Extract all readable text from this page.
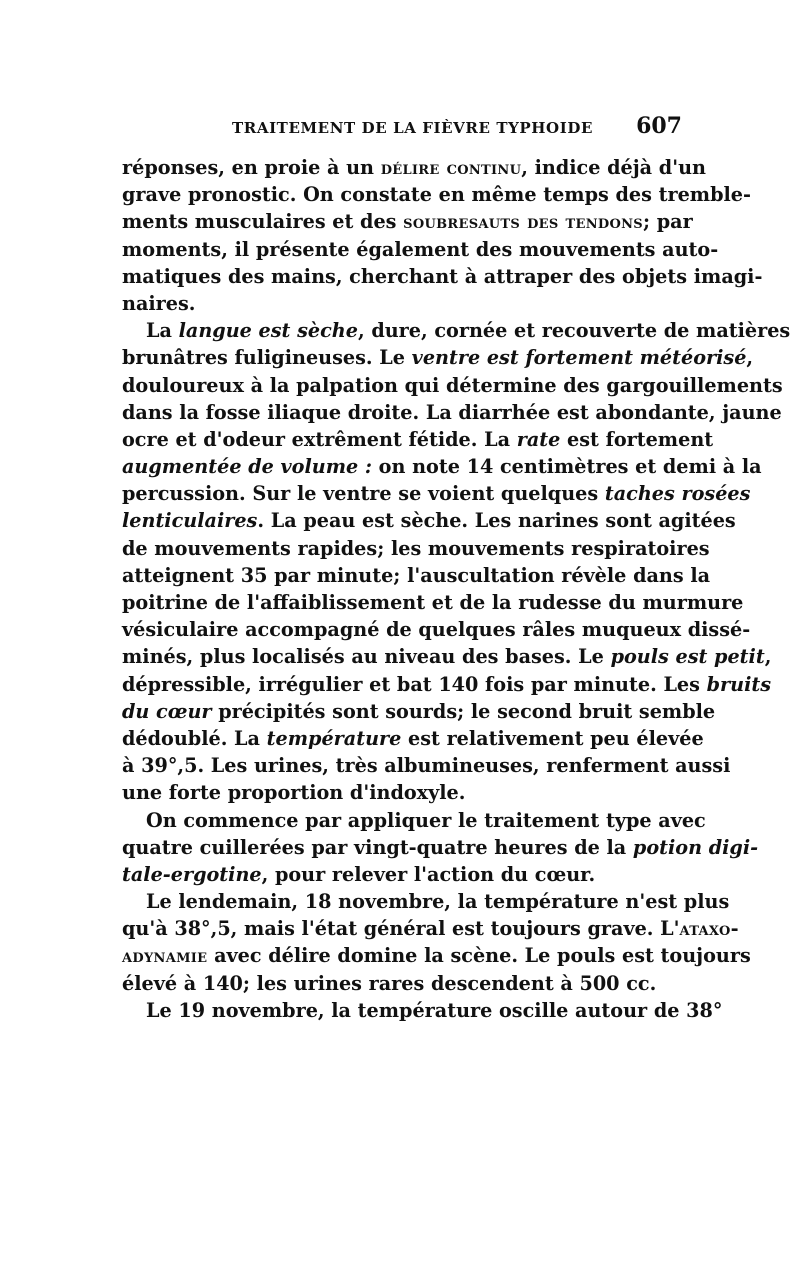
TRAITEMENT DE LA FIÈVRE TYPHOIDE 607
réponses, en proie à un délire continu, indice déjà d'un
grave pronostic. On constate en même temps des tremble-
ments musculaires et des soubresauts des tendons; par
moments, il présente également des mouvements auto-
matiques des mains, cherchant à attraper des objets imagi-
naires.
La langue est sèche, dure, cornée et recouverte de matières
brunâtres fuligineuses. Le ventre est fortement météorisé,
douloureux à la palpation qui détermine des gargouillements
dans la fosse iliaque droite. La diarrhée est abondante, jaune
ocre et d'odeur extrêment fétide. La rate est fortement
augmentée de volume : on note 14 centimètres et demi à la
percussion. Sur le ventre se voient quelques taches rosées
lenticulaires. La peau est sèche. Les narines sont agitées
de mouvements rapides; les mouvements respiratoires
atteignent 35 par minute; l'auscultation révèle dans la
poitrine de l'affaiblissement et de la rudesse du murmure
vésiculaire accompagné de quelques râles muqueux dissé-
minés, plus localisés au niveau des bases. Le pouls est petit,
dépressible, irrégulier et bat 140 fois par minute. Les bruits
du cœur précipités sont sourds; le second bruit semble
dédoublé. La température est relativement peu élevée
à 39°,5. Les urines, très albumineuses, renferment aussi
une forte proportion d'indoxyle.
On commence par appliquer le traitement type avec
quatre cuillerées par vingt-quatre heures de la potion digi-
tale-ergotine, pour relever l'action du cœur.
Le lendemain, 18 novembre, la température n'est plus
qu'à 38°,5, mais l'état général est toujours grave. L'ataxo-
adynamie avec délire domine la scène. Le pouls est toujours
élevé à 140; les urines rares descendent à 500 cc.
Le 19 novembre, la température oscille autour de 38°
